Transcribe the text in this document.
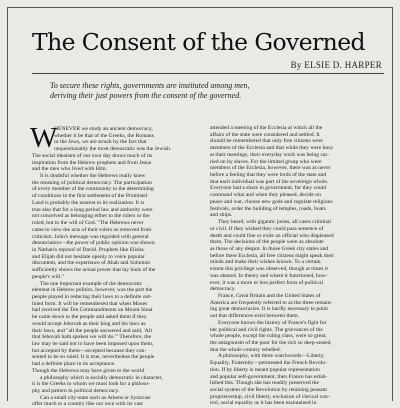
The Consent of the Governed
By ELSIE D. HARPER
To secure these rights, governments are instituted among men,
deriving their just powers from the consent of the governed.
W
HENEVER we study an ancient democracy,
whether it be that of the Greeks, the Romans
or the Jews, we are struck by the fact that
unquestionably the most democratic was the Jewish.
The social idealism of our own day draws much of its
inspiration from the Hebrew prophets and from Jesus
and the men who lived with Him.
It is doubtful whether the Hebrews really knew
the meaning of political democracy. The participation
of every member of the community in the determining
of conditions in the first settlement of the Promised
Land is probably the nearest to its realization. It is
true also that for a long period law and authority were
not conceived as belonging either to the rulers or the
ruled, but to the will of God. "The Hebrews never
came to view the acts of their rulers as removed from
criticism. John's message was regarded with general
denunciation—the power of public opinion was shown
in Nathan's reproof of David. Prophets like Elisha
and Elijah did not hesitate openly to voice popular
discontent, and the experience of Ahab and Solomon
sufficiently shows the actual power that lay back of the
people's will."
The one important example of the democratic
element in Hebrew politics, however, was the part the
people played in reducing their laws to a definite out-
lined form. It will be remembered that when Moses
had received the Ten Commandments on Mount Sinai
he came down to the people and asked them if they
would accept Jehovah as their king and his laws as
their laws, and "all the people answered and said, 'All
that Jehovah hath spoken we will do.'" Therefore, the
law may be said not to have been imposed upon them,
but accepted by them—accepted because they con-
sented to be so ruled. It is true, nevertheless the people
had a definite place in its acceptance.
Though the Hebrews may have given to the world
a philosophy which is socially democratic in character,
it is the Greeks to whom we must look for a philoso-
phy and pattern in political democracy.
Can a small city-state such as Athens or Syracuse
offer much to a country like our own with its vast
attended a meeting of the Ecclesia at which all the
affairs of the state were considered and settled. It
should be remembered that only free citizens were
members of the Ecclesia and that while they were busy
at their meetings, their everyday work was being car-
ried on by slaves. For the limited group who were
members of the Ecclesia, however, there was as never
before a feeling that they were lords of the state and
that each individual was part of the sovereign whole.
Everyone had a share in government, for they could
command what and when they pleased, decide on
peace and war, choose new gods and regulate religious
festivals, order the building of temples, roads, boats
and ships.
They heard, with gigantic juries, all cases criminal
or civil. If they wished they could pass sentence of
death and could fine or exile an official who displeased
them. The decisions of the people were as absolute
as those of any despot. In those Greek city states and
before there Ecclesia, all free citizens might speak their
minds and make their wishes known. To a certain
extent this privilege was observed, though at times it
was abused. In theory and where it functioned, how-
ever, it was a more or less perfect form of political
democracy.
France, Great Britain and the United States of
America are frequently referred to as the three remain-
ing great democracies. It is hardly necessary to point
out that differences exist between them.
Everyone knows the history of France's fight for
her political and civil rights. The grievances of the
whole people, except the ruling class, were so great,
the antagonism of the poor for the rich so deep-seated,
that the whole country rebelled.
A philosophy, with three watchwords—Liberty,
Equality, Fraternity—permeated the French Revolu-
tion. If by liberty is meant popular representation
and popular self-government, then France has estab-
lished this. Though she has readily preserved the
social system of the Revolution by retaining peasant
proprietorship, civil liberty, exclusion of clerical con-
trol, social equality as it has been maintained in
